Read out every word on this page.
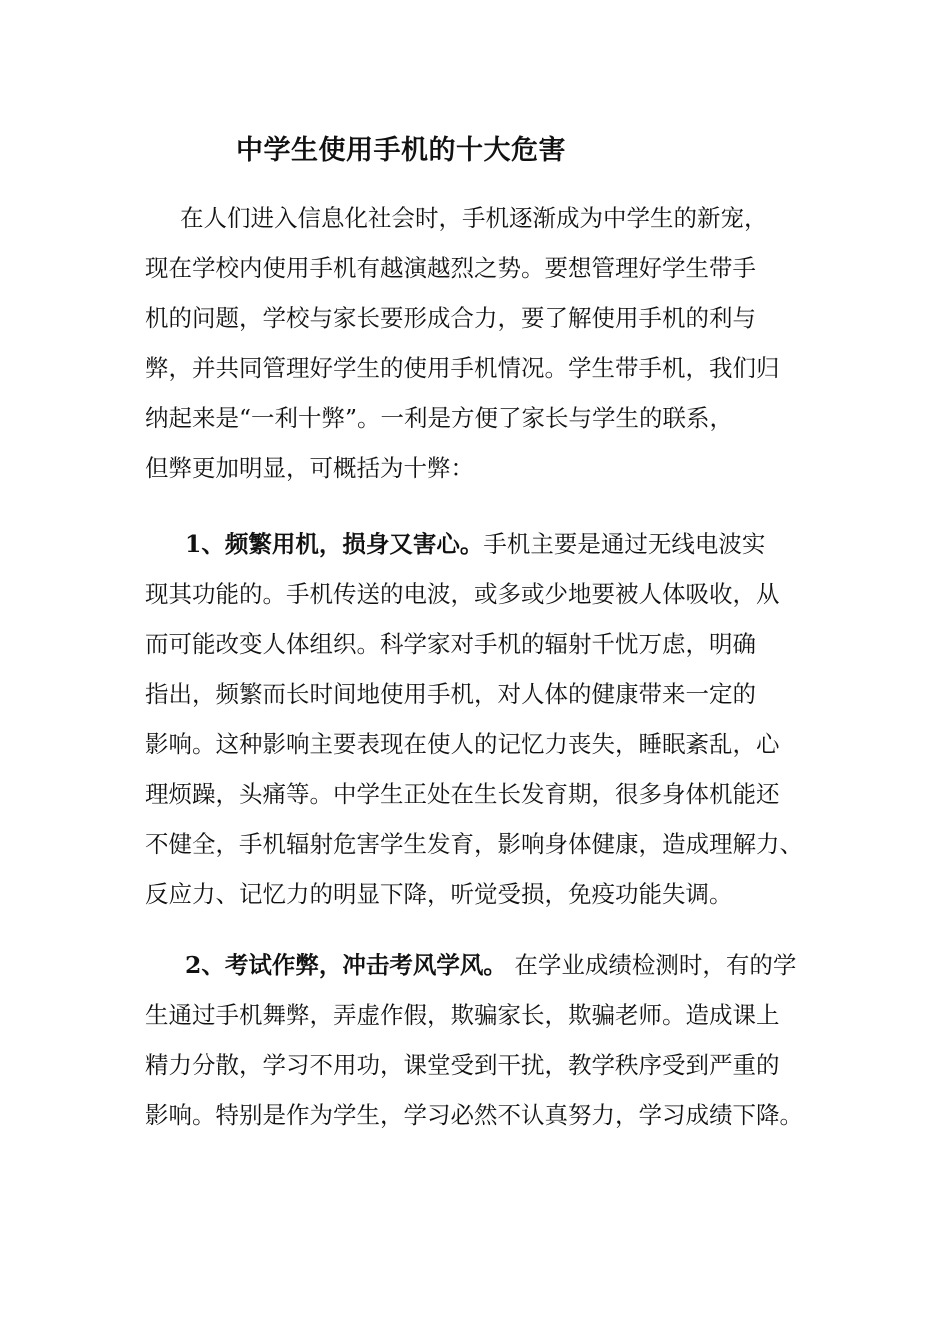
中学生使用手机的十大危害

在人们进入信息化社会时，手机逐渐成为中学生的新宠，

现在学校内使用手机有越演越烈之势。要想管理好学生带手

机的问题，学校与家长要形成合力，要了解使用手机的利与

弊，并共同管理好学生的使用手机情况。学生带手机，我们归

纳起来是“一利十弊”。一利是方便了家长与学生的联系，

但弊更加明显，可概括为十弊：

1、频繁用机，损身又害心。手机主要是通过无线电波实

现其功能的。手机传送的电波，或多或少地要被人体吸收，从

而可能改变人体组织。科学家对手机的辐射千忧万虑，明确

指出，频繁而长时间地使用手机，对人体的健康带来一定的

影响。这种影响主要表现在使人的记忆力丧失，睡眠紊乱，心

理烦躁，头痛等。中学生正处在生长发育期，很多身体机能还

不健全，手机辐射危害学生发育，影响身体健康，造成理解力、

反应力、记忆力的明显下降，听觉受损，免疫功能失调。

2、考试作弊，冲击考风学风。 在学业成绩检测时，有的学

生通过手机舞弊，弄虚作假，欺骗家长，欺骗老师。造成课上

精力分散，学习不用功，课堂受到干扰，教学秩序受到严重的

影响。特别是作为学生，学习必然不认真努力，学习成绩下降。
